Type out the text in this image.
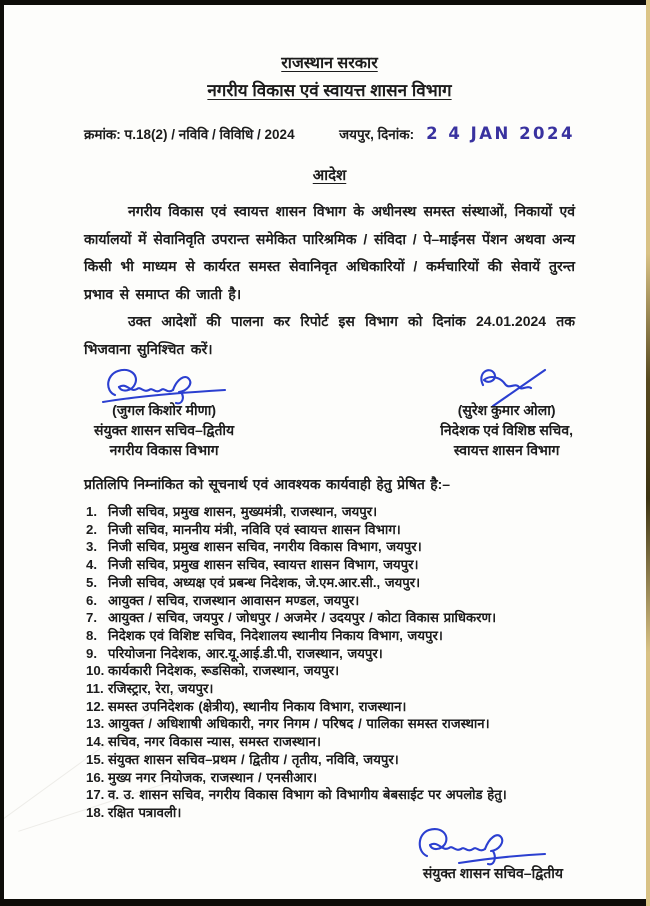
राजस्थान सरकार
नगरीय विकास एवं स्वायत्त शासन विभाग
क्रमांक: प.18(2) / नविवि / विविधि / 2024	जयपुर, दिनांक: 2 4 JAN 2024
आदेश

नगरीय विकास एवं स्वायत्त शासन विभाग के अधीनस्थ समस्त संस्थाओं, निकायों एवं कार्यालयों में सेवानिवृति उपरान्त समेकित पारिश्रमिक / संविदा / पे–माईनस पेंशन अथवा अन्य किसी भी माध्यम से कार्यरत समस्त सेवानिवृत अधिकारियों / कर्मचारियों की सेवायें तुरन्त प्रभाव से समाप्त की जाती है।

उक्त आदेशों की पालना कर रिपोर्ट इस विभाग को दिनांक 24.01.2024 तक भिजवाना सुनिश्चित करें।

(जुगल किशोर मीणा)
संयुक्त शासन सचिव–द्वितीय
नगरीय विकास विभाग
(सुरेश कुमार ओला)
निदेशक एवं विशिष्ठ सचिव,
स्वायत्त शासन विभाग
प्रतिलिपि निम्नांकित को सूचनार्थ एवं आवश्यक कार्यवाही हेतु प्रेषित है:–
1. निजी सचिव, प्रमुख शासन, मुख्यमंत्री, राजस्थान, जयपुर।
2. निजी सचिव, माननीय मंत्री, नविवि एवं स्वायत्त शासन विभाग।
3. निजी सचिव, प्रमुख शासन सचिव, नगरीय विकास विभाग, जयपुर।
4. निजी सचिव, प्रमुख शासन सचिव, स्वायत्त शासन विभाग, जयपुर।
5. निजी सचिव, अध्यक्ष एवं प्रबन्ध निदेशक, जे.एम.आर.सी., जयपुर।
6. आयुक्त / सचिव, राजस्थान आवासन मण्डल, जयपुर।
7. आयुक्त / सचिव, जयपुर / जोधपुर / अजमेर / उदयपुर / कोटा विकास प्राधिकरण।
8. निदेशक एवं विशिष्ट सचिव, निदेशालय स्थानीय निकाय विभाग, जयपुर।
9. परियोजना निदेशक, आर.यू.आई.डी.पी, राजस्थान, जयपुर।
10. कार्यकारी निदेशक, रूडसिको, राजस्थान, जयपुर।
11. रजिस्ट्रार, रेरा, जयपुर।
12. समस्त उपनिदेशक (क्षेत्रीय), स्थानीय निकाय विभाग, राजस्थान।
13. आयुक्त / अधिशाषी अधिकारी, नगर निगम / परिषद / पालिका समस्त राजस्थान।
14. सचिव, नगर विकास न्यास, समस्त राजस्थान।
15. संयुक्त शासन सचिव–प्रथम / द्वितीय / तृतीय, नविवि, जयपुर।
16. मुख्य नगर नियोजक, राजस्थान / एनसीआर।
17. व. उ. शासन सचिव, नगरीय विकास विभाग को विभागीय बेबसाईट पर अपलोड हेतु।
18. रक्षित पत्रावली।
संयुक्त शासन सचिव–द्वितीय
